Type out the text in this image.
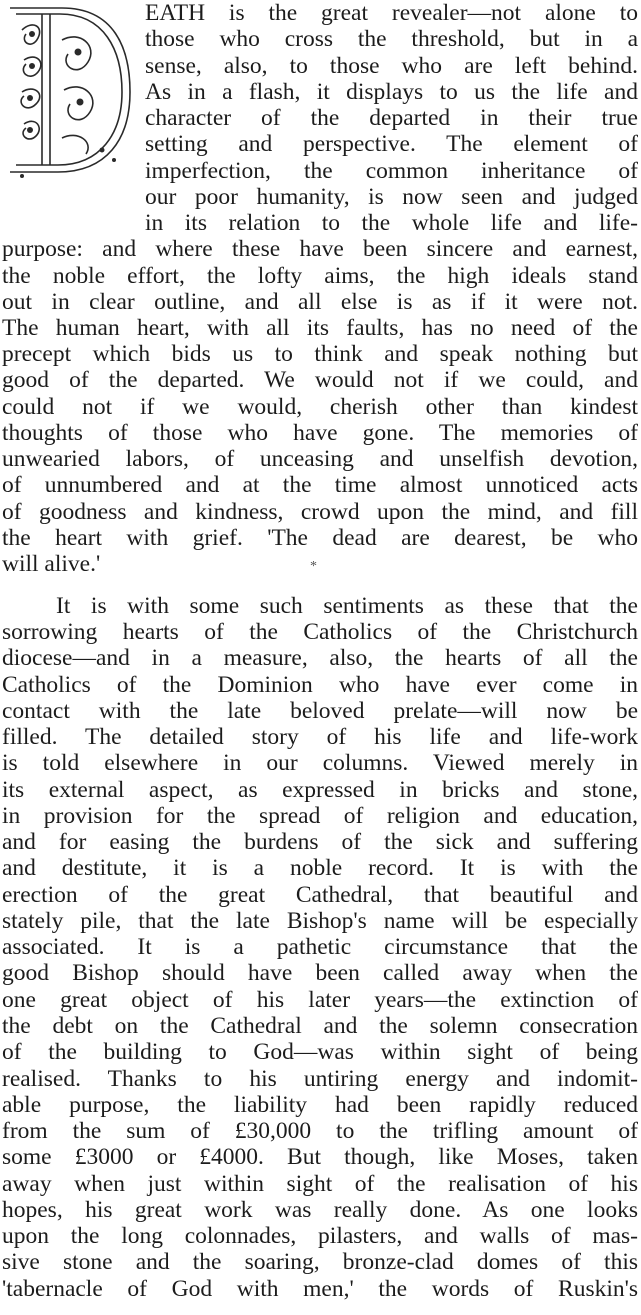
EATH is the great revealer—not alone to
those who cross the threshold, but in a
sense, also, to those who are left behind.
As in a flash, it displays to us the life and
character of the departed in their true
setting and perspective. The element of
imperfection, the common inheritance of
our poor humanity, is now seen and judged
in its relation to the whole life and life-
purpose: and where these have been sincere and earnest,
the noble effort, the lofty aims, the high ideals stand
out in clear outline, and all else is as if it were not.
The human heart, with all its faults, has no need of the
precept which bids us to think and speak nothing but
good of the departed. We would not if we could, and
could not if we would, cherish other than kindest
thoughts of those who have gone. The memories of
unwearied labors, of unceasing and unselfish devotion,
of unnumbered and at the time almost unnoticed acts
of goodness and kindness, crowd upon the mind, and fill
the heart with grief. 'The dead are dearest, be who
will alive.'	*
It is with some such sentiments as these that the
sorrowing hearts of the Catholics of the Christchurch
diocese—and in a measure, also, the hearts of all the
Catholics of the Dominion who have ever come in
contact with the late beloved prelate—will now be
filled. The detailed story of his life and life-work
is told elsewhere in our columns. Viewed merely in
its external aspect, as expressed in bricks and stone,
in provision for the spread of religion and education,
and for easing the burdens of the sick and suffering
and destitute, it is a noble record. It is with the
erection of the great Cathedral, that beautiful and
stately pile, that the late Bishop's name will be especially
associated. It is a pathetic circumstance that the
good Bishop should have been called away when the
one great object of his later years—the extinction of
the debt on the Cathedral and the solemn consecration
of the building to God—was within sight of being
realised. Thanks to his untiring energy and indomit-
able purpose, the liability had been rapidly reduced
from the sum of £30,000 to the trifling amount of
some £3000 or £4000. But though, like Moses, taken
away when just within sight of the realisation of his
hopes, his great work was really done. As one looks
upon the long colonnades, pilasters, and walls of mas-
sive stone and the soaring, bronze-clad domes of this
'tabernacle of God with men,' the words of Ruskin's
